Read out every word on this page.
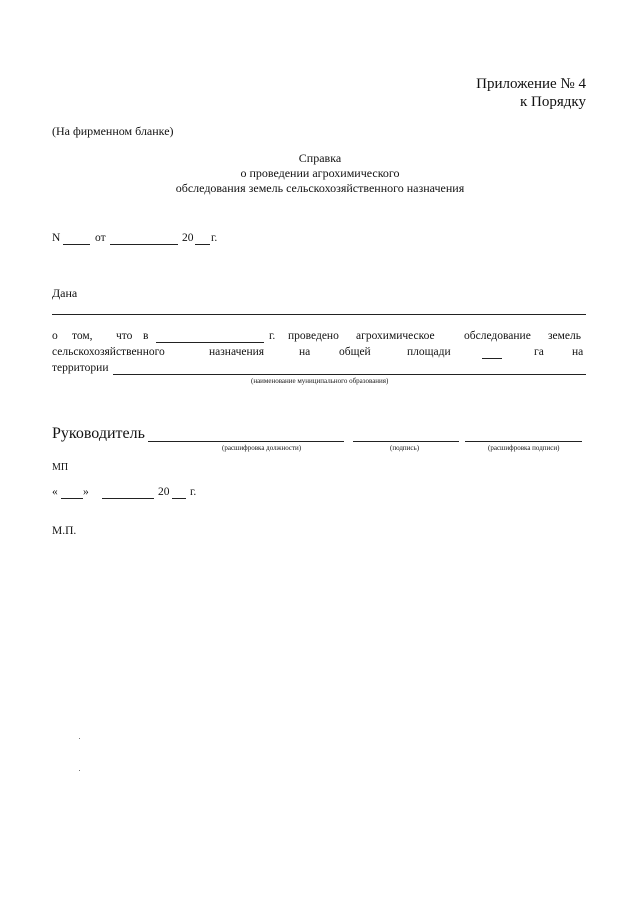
Приложение № 4
к Порядку
(На фирменном бланке)
Справка
о проведении агрохимического
обследования земель сельскохозяйственного назначения
N	от	20 г.
Дана
о том, что в	г. проведено агрохимическое	обследование земель
сельскохозяйственного	назначения	на общей	площади	га на
территории
(наименование муниципального образования)
Руководитель
(расшифровка должности)	(подпись)	(расшифровка подписи)
МП
« »	20 г.
М.П.
